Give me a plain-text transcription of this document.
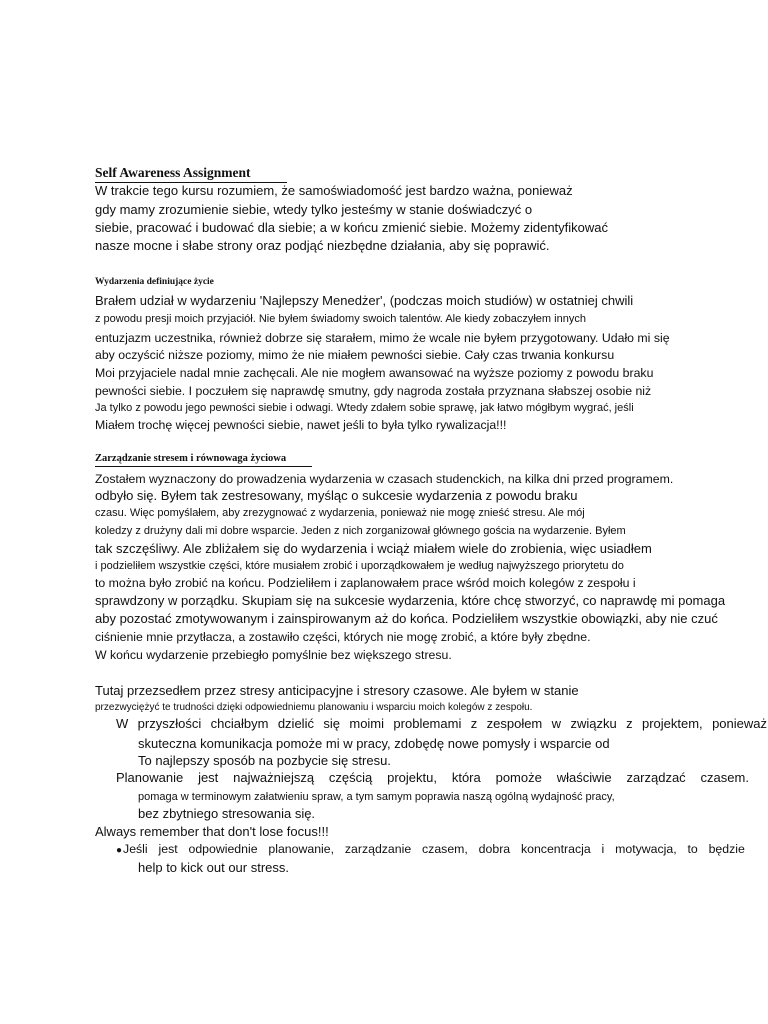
Self Awareness Assignment
W trakcie tego kursu rozumiem, że samoświadomość jest bardzo ważna, ponieważ
gdy mamy zrozumienie siebie, wtedy tylko jesteśmy w stanie doświadczyć o
siebie, pracować i budować dla siebie; a w końcu zmienić siebie. Możemy zidentyfikować
nasze mocne i słabe strony oraz podjąć niezbędne działania, aby się poprawić.
Wydarzenia definiujące życie
Brałem udział w wydarzeniu 'Najlepszy Menedżer', (podczas moich studiów) w ostatniej chwili
z powodu presji moich przyjaciół. Nie byłem świadomy swoich talentów. Ale kiedy zobaczyłem innych
entuzjazm uczestnika, również dobrze się starałem, mimo że wcale nie byłem przygotowany. Udało mi się
aby oczyścić niższe poziomy, mimo że nie miałem pewności siebie. Cały czas trwania konkursu
Moi przyjaciele nadal mnie zachęcali. Ale nie mogłem awansować na wyższe poziomy z powodu braku
pewności siebie. I poczułem się naprawdę smutny, gdy nagroda została przyznana słabszej osobie niż
Ja tylko z powodu jego pewności siebie i odwagi. Wtedy zdałem sobie sprawę, jak łatwo mógłbym wygrać, jeśli
Miałem trochę więcej pewności siebie, nawet jeśli to była tylko rywalizacja!!!
Zarządzanie stresem i równowaga życiowa
Zostałem wyznaczony do prowadzenia wydarzenia w czasach studenckich, na kilka dni przed programem.
odbyło się. Byłem tak zestresowany, myśląc o sukcesie wydarzenia z powodu braku
czasu. Więc pomyślałem, aby zrezygnować z wydarzenia, ponieważ nie mogę znieść stresu. Ale mój
koledzy z drużyny dali mi dobre wsparcie. Jeden z nich zorganizował głównego gościa na wydarzenie. Byłem
tak szczęśliwy. Ale zbliżałem się do wydarzenia i wciąż miałem wiele do zrobienia, więc usiadłem
i podzieliłem wszystkie części, które musiałem zrobić i uporządkowałem je według najwyższego priorytetu do
to można było zrobić na końcu. Podzieliłem i zaplanowałem prace wśród moich kolegów z zespołu i
sprawdzony w porządku. Skupiam się na sukcesie wydarzenia, które chcę stworzyć, co naprawdę mi pomaga
aby pozostać zmotywowanym i zainspirowanym aż do końca. Podzieliłem wszystkie obowiązki, aby nie czuć
ciśnienie mnie przytłacza, a zostawiło części, których nie mogę zrobić, a które były zbędne.
W końcu wydarzenie przebiegło pomyślnie bez większego stresu.
Tutaj przezsedłem przez stresy anticipacyjne i stresory czasowe. Ale byłem w stanie
przezwyciężyć te trudności dzięki odpowiedniemu planowaniu i wsparciu moich kolegów z zespołu.
W przyszłości chciałbym dzielić się moimi problemami z zespołem w związku z projektem, ponieważ
skuteczna komunikacja pomoże mi w pracy, zdobędę nowe pomysły i wsparcie od
To najlepszy sposób na pozbycie się stresu.
Planowanie jest najważniejszą częścią projektu, która pomoże właściwie zarządzać czasem.
pomaga w terminowym załatwieniu spraw, a tym samym poprawia naszą ogólną wydajność pracy,
bez zbytniego stresowania się.
Always remember that don't lose focus!!!
●Jeśli jest odpowiednie planowanie, zarządzanie czasem, dobra koncentracja i motywacja, to będzie
help to kick out our stress.
